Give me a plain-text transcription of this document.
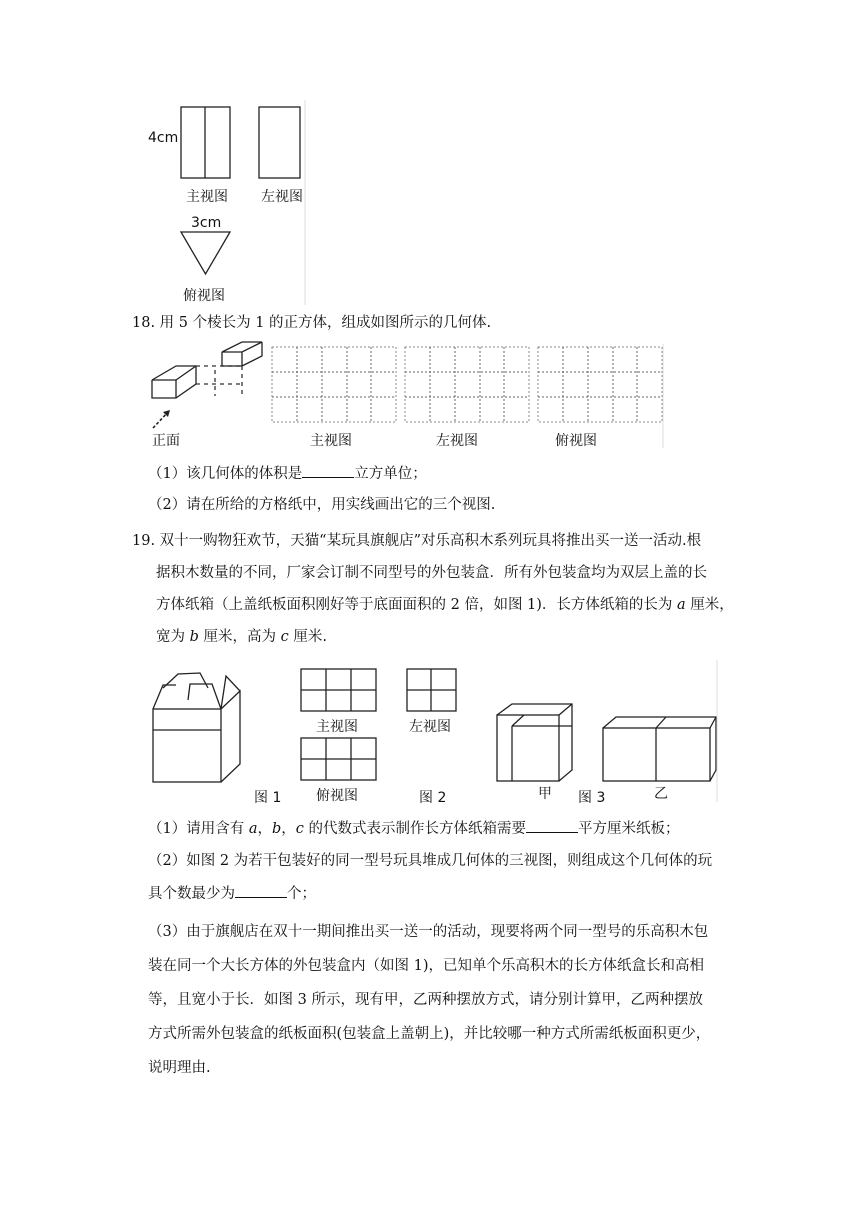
4cm
主视图 左视图
3cm
俯视图
18. 用 5 个棱长为 1 的正方体，组成如图所示的几何体.
正面	主视图	左视图	俯视图
（1）该几何体的体积是	立方单位；
（2）请在所给的方格纸中，用实线画出它的三个视图.
19. 双十一购物狂欢节，天猫“某玩具旗舰店”对乐高积木系列玩具将推出买一送一活动.根
据积木数量的不同，厂家会订制不同型号的外包装盒．所有外包装盒均为双层上盖的长
方体纸箱（上盖纸板面积刚好等于底面面积的 2 倍，如图 1)．长方体纸箱的长为 a 厘米，
宽为 b 厘米，高为 c 厘米.
图 1
主视图	左视图
俯视图	图 2	甲 图 3	乙
（1）请用含有 a，b，c 的代数式表示制作长方体纸箱需要	平方厘米纸板；
（2）如图 2 为若干包装好的同一型号玩具堆成几何体的三视图，则组成这个几何体的玩
具个数最少为	个；
（3）由于旗舰店在双十一期间推出买一送一的活动，现要将两个同一型号的乐高积木包
装在同一个大长方体的外包装盒内（如图 1)，已知单个乐高积木的长方体纸盒长和高相
等，且宽小于长．如图 3 所示，现有甲，乙两种摆放方式，请分别计算甲，乙两种摆放
方式所需外包装盒的纸板面积(包装盒上盖朝上)，并比较哪一种方式所需纸板面积更少，
说明理由.
